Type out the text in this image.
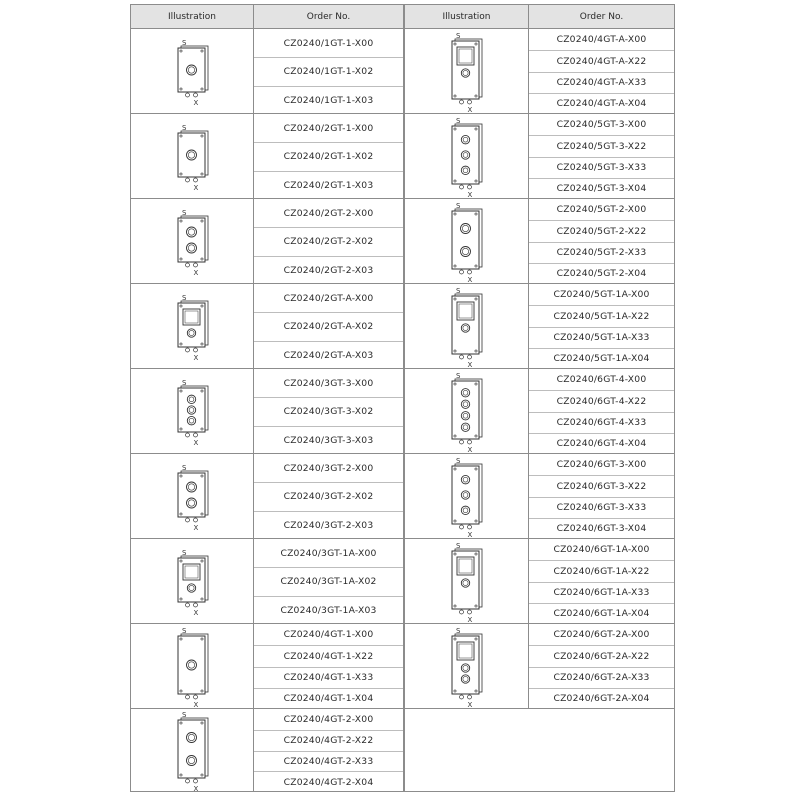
Illustration	Order No.
S
X
CZ0240/1GT-1-X00
CZ0240/1GT-1-X02
CZ0240/1GT-1-X03
S
X
CZ0240/2GT-1-X00
CZ0240/2GT-1-X02
CZ0240/2GT-1-X03
S
X
CZ0240/2GT-2-X00
CZ0240/2GT-2-X02
CZ0240/2GT-2-X03
S
X
CZ0240/2GT-A-X00
CZ0240/2GT-A-X02
CZ0240/2GT-A-X03
S
X
CZ0240/3GT-3-X00
CZ0240/3GT-3-X02
CZ0240/3GT-3-X03
S
X
CZ0240/3GT-2-X00
CZ0240/3GT-2-X02
CZ0240/3GT-2-X03
S
X
CZ0240/3GT-1A-X00
CZ0240/3GT-1A-X02
CZ0240/3GT-1A-X03
S
X
CZ0240/4GT-1-X00
CZ0240/4GT-1-X22
CZ0240/4GT-1-X33
CZ0240/4GT-1-X04
S
X
CZ0240/4GT-2-X00
CZ0240/4GT-2-X22
CZ0240/4GT-2-X33
CZ0240/4GT-2-X04
Illustration	Order No.
S
X
CZ0240/4GT-A-X00
CZ0240/4GT-A-X22
CZ0240/4GT-A-X33
CZ0240/4GT-A-X04
S
X
CZ0240/5GT-3-X00
CZ0240/5GT-3-X22
CZ0240/5GT-3-X33
CZ0240/5GT-3-X04
S
X
CZ0240/5GT-2-X00
CZ0240/5GT-2-X22
CZ0240/5GT-2-X33
CZ0240/5GT-2-X04
S
X
CZ0240/5GT-1A-X00
CZ0240/5GT-1A-X22
CZ0240/5GT-1A-X33
CZ0240/5GT-1A-X04
S
X
CZ0240/6GT-4-X00
CZ0240/6GT-4-X22
CZ0240/6GT-4-X33
CZ0240/6GT-4-X04
S
X
CZ0240/6GT-3-X00
CZ0240/6GT-3-X22
CZ0240/6GT-3-X33
CZ0240/6GT-3-X04
S
X
CZ0240/6GT-1A-X00
CZ0240/6GT-1A-X22
CZ0240/6GT-1A-X33
CZ0240/6GT-1A-X04
S
X
CZ0240/6GT-2A-X00
CZ0240/6GT-2A-X22
CZ0240/6GT-2A-X33
CZ0240/6GT-2A-X04
